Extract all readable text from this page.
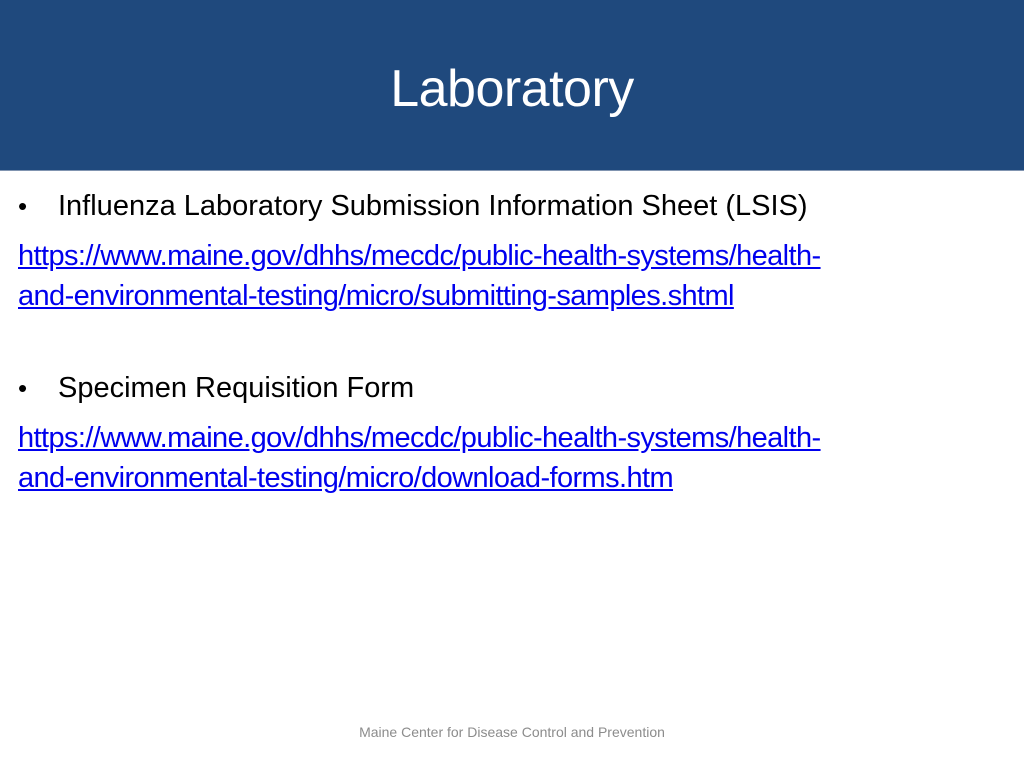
Laboratory
•	Influenza Laboratory Submission Information Sheet (LSIS)
https://www.maine.gov/dhhs/mecdc/public-health-systems/health-
and-environmental-testing/micro/submitting-samples.shtml
•	Specimen Requisition Form
https://www.maine.gov/dhhs/mecdc/public-health-systems/health-
and-environmental-testing/micro/download-forms.htm
Maine Center for Disease Control and Prevention
